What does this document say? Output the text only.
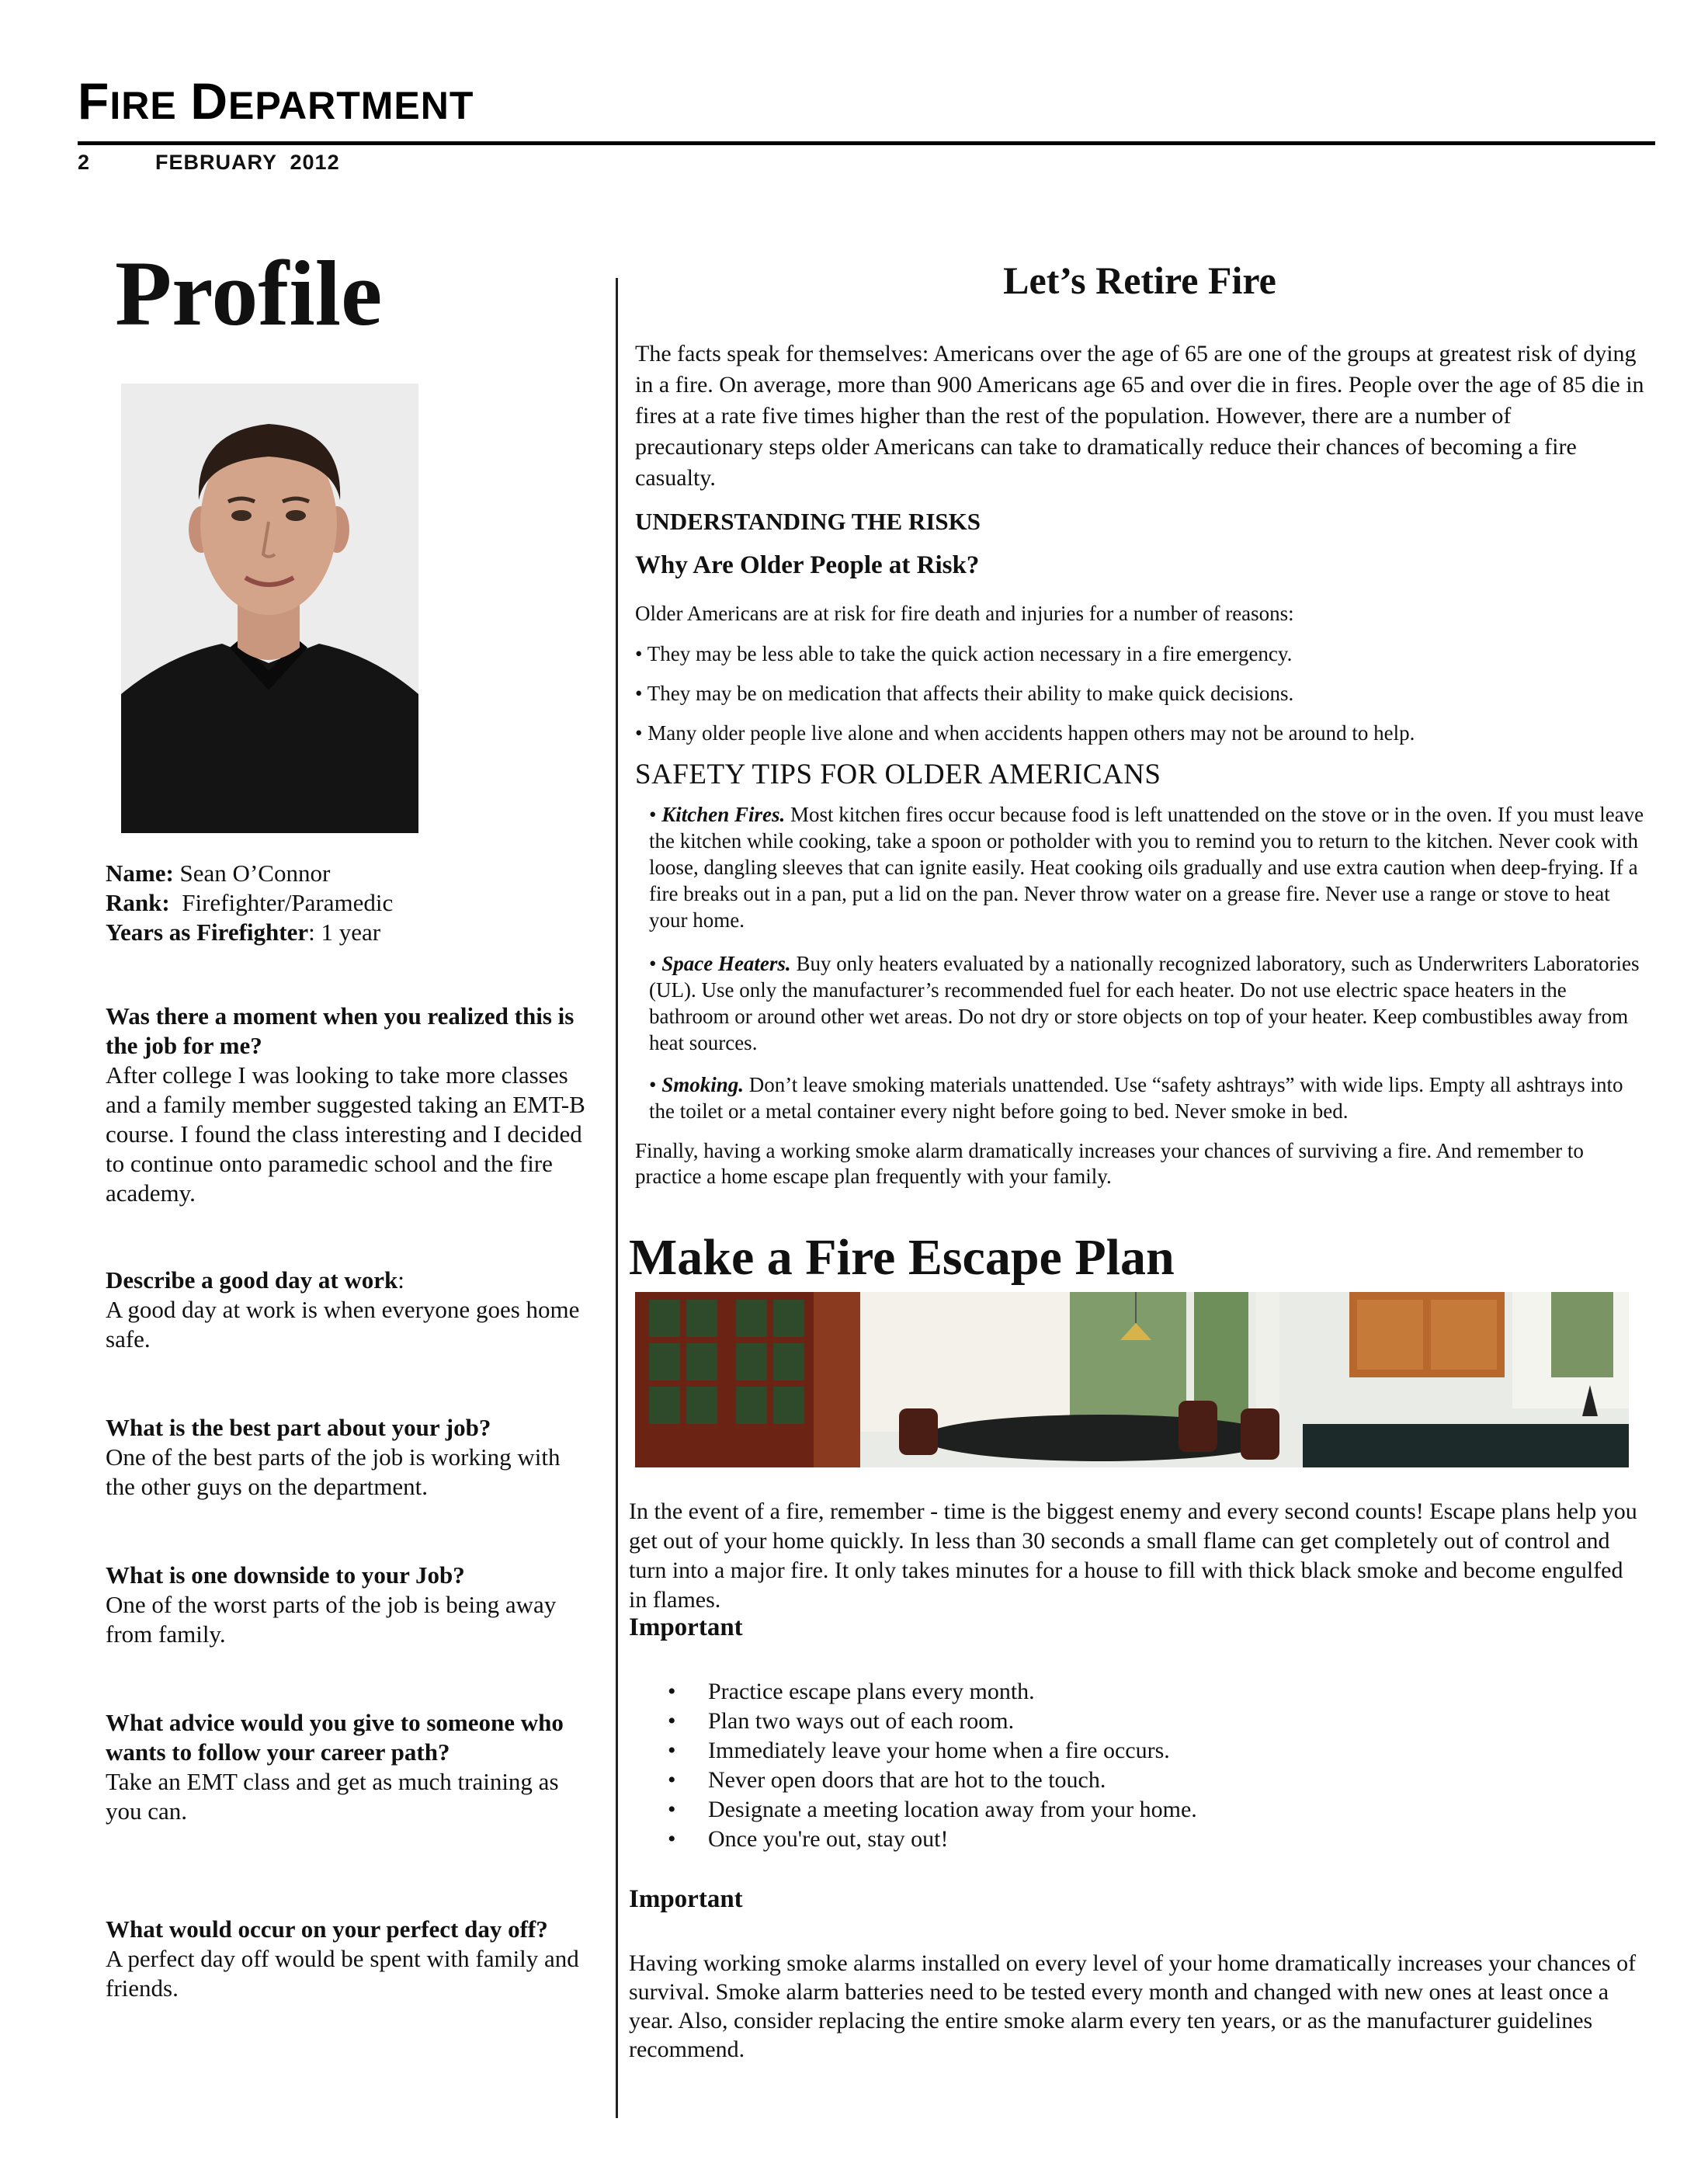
FIRE DEPARTMENT
2	FEBRUARY  2012
Profile
Name: Sean O’Connor
Rank:  Firefighter/Paramedic
Years as Firefighter: 1 year
Was there a moment when you realized this is the job for me?
After college I was looking to take more classes and a family member suggested taking an EMT-B course. I found the class interesting and I decided to continue onto paramedic school and the fire academy.
Describe a good day at work:
A good day at work is when everyone goes home safe.
What is the best part about your job?
One of the best parts of the job is working with the other guys on the department.
What is one downside to your Job?
One of the worst parts of the job is being away from family.
What advice would you give to someone who wants to follow your career path?
Take an EMT class and get as much training as you can.
What would occur on your perfect day off?
A perfect day off would be spent with family and friends.
Let’s Retire Fire
The facts speak for themselves: Americans over the age of 65 are one of the groups at greatest risk of dying in a fire. On average, more than 900 Americans age 65 and over die in fires. People over the age of 85 die in fires at a rate five times higher than the rest of the population. However, there are a number of precautionary steps older Americans can take to dramatically reduce their chances of becoming a fire casualty.
UNDERSTANDING THE RISKS
Why Are Older People at Risk?
Older Americans are at risk for fire death and injuries for a number of reasons:
• They may be less able to take the quick action necessary in a fire emergency.
• They may be on medication that affects their ability to make quick decisions.
• Many older people live alone and when accidents happen others may not be around to help.
SAFETY TIPS FOR OLDER AMERICANS
• Kitchen Fires. Most kitchen fires occur because food is left unattended on the stove or in the oven. If you must leave the kitchen while cooking, take a spoon or potholder with you to remind you to return to the kitchen. Never cook with loose, dangling sleeves that can ignite easily. Heat cooking oils gradually and use extra caution when deep-frying. If a fire breaks out in a pan, put a lid on the pan. Never throw water on a grease fire. Never use a range or stove to heat your home.
• Space Heaters. Buy only heaters evaluated by a nationally recognized laboratory, such as Underwriters Laboratories (UL). Use only the manufacturer’s recommended fuel for each heater. Do not use electric space heaters in the bathroom or around other wet areas. Do not dry or store objects on top of your heater. Keep combustibles away from heat sources.
• Smoking. Don’t leave smoking materials unattended. Use “safety ashtrays” with wide lips. Empty all ashtrays into the toilet or a metal container every night before going to bed. Never smoke in bed.
Finally, having a working smoke alarm dramatically increases your chances of surviving a fire. And remember to practice a home escape plan frequently with your family.
Make a Fire Escape Plan
In the event of a fire, remember - time is the biggest enemy and every second counts! Escape plans help you get out of your home quickly. In less than 30 seconds a small flame can get completely out of control and turn into a major fire. It only takes minutes for a house to fill with thick black smoke and become engulfed in flames.
Important
• Practice escape plans every month.
• Plan two ways out of each room.
• Immediately leave your home when a fire occurs.
• Never open doors that are hot to the touch.
• Designate a meeting location away from your home.
• Once you're out, stay out!
Important
Having working smoke alarms installed on every level of your home dramatically increases your chances of survival. Smoke alarm batteries need to be tested every month and changed with new ones at least once a year. Also, consider replacing the entire smoke alarm every ten years, or as the manufacturer guidelines recommend.
